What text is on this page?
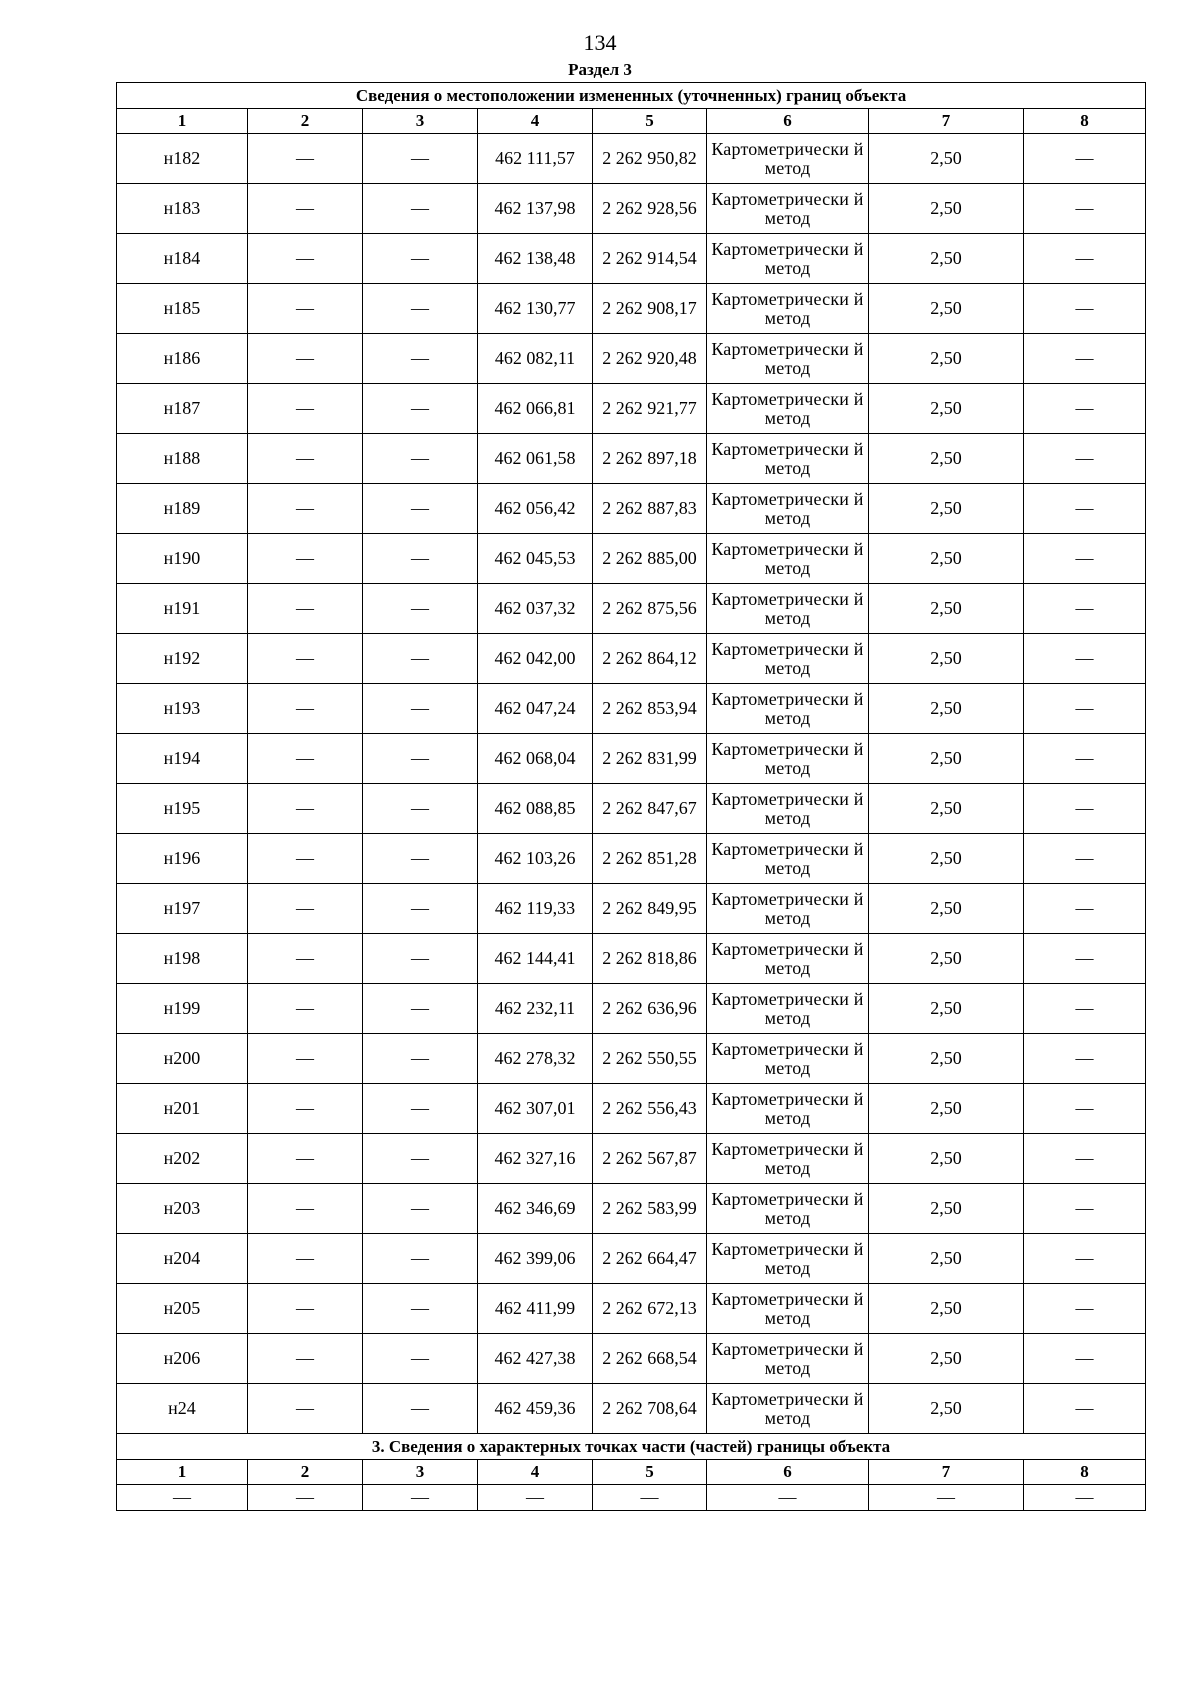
134
Раздел 3
Сведения о местоположении измененных (уточненных) границ объекта							
1	2	3	4	5	6	7	8
н182	—	—	462 111,57	2 262 950,82	Картометрически й метод	2,50	—
н183	—	—	462 137,98	2 262 928,56	Картометрически й метод	2,50	—
н184	—	—	462 138,48	2 262 914,54	Картометрически й метод	2,50	—
н185	—	—	462 130,77	2 262 908,17	Картометрически й метод	2,50	—
н186	—	—	462 082,11	2 262 920,48	Картометрически й метод	2,50	—
н187	—	—	462 066,81	2 262 921,77	Картометрически й метод	2,50	—
н188	—	—	462 061,58	2 262 897,18	Картометрически й метод	2,50	—
н189	—	—	462 056,42	2 262 887,83	Картометрически й метод	2,50	—
н190	—	—	462 045,53	2 262 885,00	Картометрически й метод	2,50	—
н191	—	—	462 037,32	2 262 875,56	Картометрически й метод	2,50	—
н192	—	—	462 042,00	2 262 864,12	Картометрически й метод	2,50	—
н193	—	—	462 047,24	2 262 853,94	Картометрически й метод	2,50	—
н194	—	—	462 068,04	2 262 831,99	Картометрически й метод	2,50	—
н195	—	—	462 088,85	2 262 847,67	Картометрически й метод	2,50	—
н196	—	—	462 103,26	2 262 851,28	Картометрически й метод	2,50	—
н197	—	—	462 119,33	2 262 849,95	Картометрически й метод	2,50	—
н198	—	—	462 144,41	2 262 818,86	Картометрически й метод	2,50	—
н199	—	—	462 232,11	2 262 636,96	Картометрически й метод	2,50	—
н200	—	—	462 278,32	2 262 550,55	Картометрически й метод	2,50	—
н201	—	—	462 307,01	2 262 556,43	Картометрически й метод	2,50	—
н202	—	—	462 327,16	2 262 567,87	Картометрически й метод	2,50	—
н203	—	—	462 346,69	2 262 583,99	Картометрически й метод	2,50	—
н204	—	—	462 399,06	2 262 664,47	Картометрически й метод	2,50	—
н205	—	—	462 411,99	2 262 672,13	Картометрически й метод	2,50	—
н206	—	—	462 427,38	2 262 668,54	Картометрически й метод	2,50	—
н24	—	—	462 459,36	2 262 708,64	Картометрически й метод	2,50	—
3. Сведения о характерных точках части (частей) границы объекта							
1	2	3	4	5	6	7	8
—	—	—	—	—	—	—	—
